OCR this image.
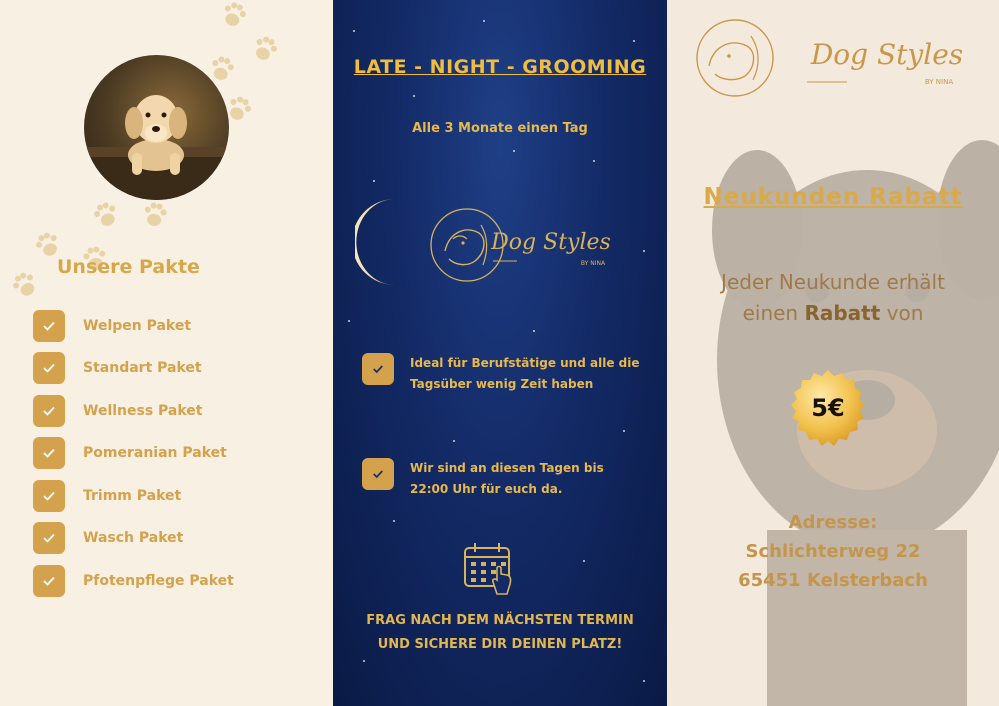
Unsere Pakte
Welpen Paket
Standart Paket
Wellness Paket
Pomeranian Paket
Trimm Paket
Wasch Paket
Pfotenpflege Paket
LATE - NIGHT - GROOMING
Alle 3 Monate einen Tag
Dog Styles
BY NINA
Ideal für Berufstätige und alle die Tagsüber wenig Zeit haben
Wir sind an diesen Tagen bis 22:00 Uhr für euch da.
FRAG NACH DEM NÄCHSTEN TERMIN UND SICHERE DIR DEINEN PLATZ!
Dog Styles
BY NINA
Neukunden Rabatt
Jeder Neukunde erhält
einen Rabatt von
5€
Adresse:
Schlichterweg 22
65451 Kelsterbach
